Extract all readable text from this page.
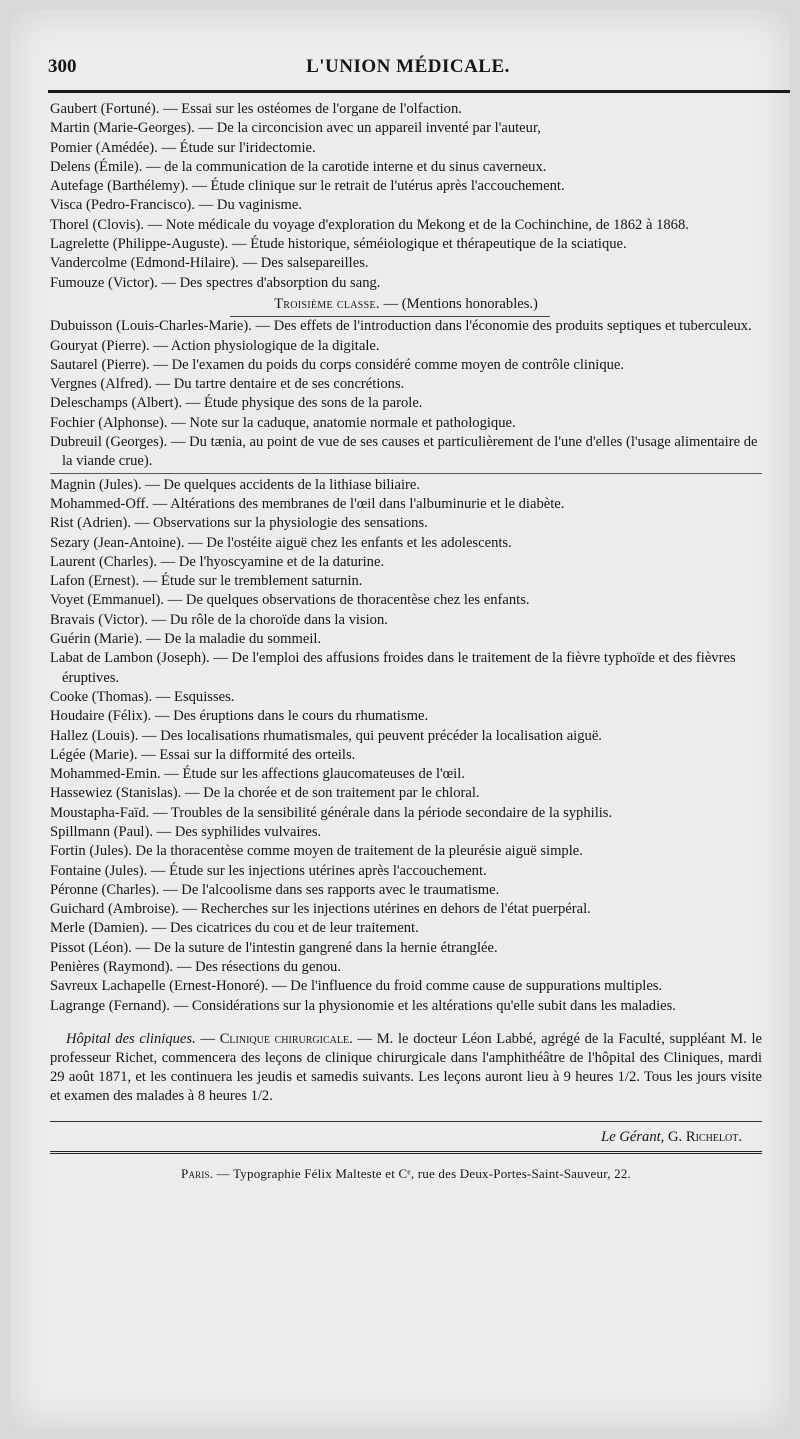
300	L'UNION MÉDICALE.

Gaubert (Fortuné). — Essai sur les ostéomes de l'organe de l'olfaction.

Martin (Marie-Georges). — De la circoncision avec un appareil inventé par l'auteur,

Pomier (Amédée). — Étude sur l'iridectomie.

Delens (Émile). — de la communication de la carotide interne et du sinus caverneux.

Autefage (Barthélemy). — Étude clinique sur le retrait de l'utérus après l'accouchement.

Visca (Pedro-Francisco). — Du vaginisme.

Thorel (Clovis). — Note médicale du voyage d'exploration du Mekong et de la Cochinchine, de 1862 à 1868.

Lagrelette (Philippe-Auguste). — Étude historique, séméiologique et thérapeutique de la sciatique.

Vandercolme (Edmond-Hilaire). — Des salsepareilles.

Fumouze (Victor). — Des spectres d'absorption du sang.

Troisième classe. — (Mentions honorables.)

Dubuisson (Louis-Charles-Marie). — Des effets de l'introduction dans l'économie des produits septiques et tuberculeux.

Gouryat (Pierre). — Action physiologique de la digitale.

Sautarel (Pierre). — De l'examen du poids du corps considéré comme moyen de contrôle clinique.

Vergnes (Alfred). — Du tartre dentaire et de ses concrétions.

Deleschamps (Albert). — Étude physique des sons de la parole.

Fochier (Alphonse). — Note sur la caduque, anatomie normale et pathologique.

Dubreuil (Georges). — Du tænia, au point de vue de ses causes et particulièrement de l'une d'elles (l'usage alimentaire de la viande crue).

Magnin (Jules). — De quelques accidents de la lithiase biliaire.

Mohammed-Off. — Altérations des membranes de l'œil dans l'albuminurie et le diabète.

Rist (Adrien). — Observations sur la physiologie des sensations.

Sezary (Jean-Antoine). — De l'ostéite aiguë chez les enfants et les adolescents.

Laurent (Charles). — De l'hyoscyamine et de la daturine.

Lafon (Ernest). — Étude sur le tremblement saturnin.

Voyet (Emmanuel). — De quelques observations de thoracentèse chez les enfants.

Bravais (Victor). — Du rôle de la choroïde dans la vision.

Guérin (Marie). — De la maladie du sommeil.

Labat de Lambon (Joseph). — De l'emploi des affusions froides dans le traitement de la fièvre typhoïde et des fièvres éruptives.

Cooke (Thomas). — Esquisses.

Houdaire (Félix). — Des éruptions dans le cours du rhumatisme.

Hallez (Louis). — Des localisations rhumatismales, qui peuvent précéder la localisation aiguë.

Légée (Marie). — Essai sur la difformité des orteils.

Mohammed-Emin. — Étude sur les affections glaucomateuses de l'œil.

Hassewiez (Stanislas). — De la chorée et de son traitement par le chloral.

Moustapha-Faïd. — Troubles de la sensibilité générale dans la période secondaire de la syphilis.

Spillmann (Paul). — Des syphilides vulvaires.

Fortin (Jules). De la thoracentèse comme moyen de traitement de la pleurésie aiguë simple.

Fontaine (Jules). — Étude sur les injections utérines après l'accouchement.

Péronne (Charles). — De l'alcoolisme dans ses rapports avec le traumatisme.

Guichard (Ambroise). — Recherches sur les injections utérines en dehors de l'état puerpéral.

Merle (Damien). — Des cicatrices du cou et de leur traitement.

Pissot (Léon). — De la suture de l'intestin gangrené dans la hernie étranglée.

Penières (Raymond). — Des résections du genou.

Savreux Lachapelle (Ernest-Honoré). — De l'influence du froid comme cause de suppurations multiples.

Lagrange (Fernand). — Considérations sur la physionomie et les altérations qu'elle subit dans les maladies.

Hôpital des cliniques. — Clinique chirurgicale. — M. le docteur Léon Labbé, agrégé de la Faculté, suppléant M. le professeur Richet, commencera des leçons de clinique chirurgicale dans l'amphithéâtre de l'hôpital des Cliniques, mardi 29 août 1871, et les continuera les jeudis et samedis suivants. Les leçons auront lieu à 9 heures 1/2. Tous les jours visite et examen des malades à 8 heures 1/2.

Le Gérant, G. Richelot.
Paris. — Typographie Félix Malteste et Cᵉ, rue des Deux-Portes-Saint-Sauveur, 22.
